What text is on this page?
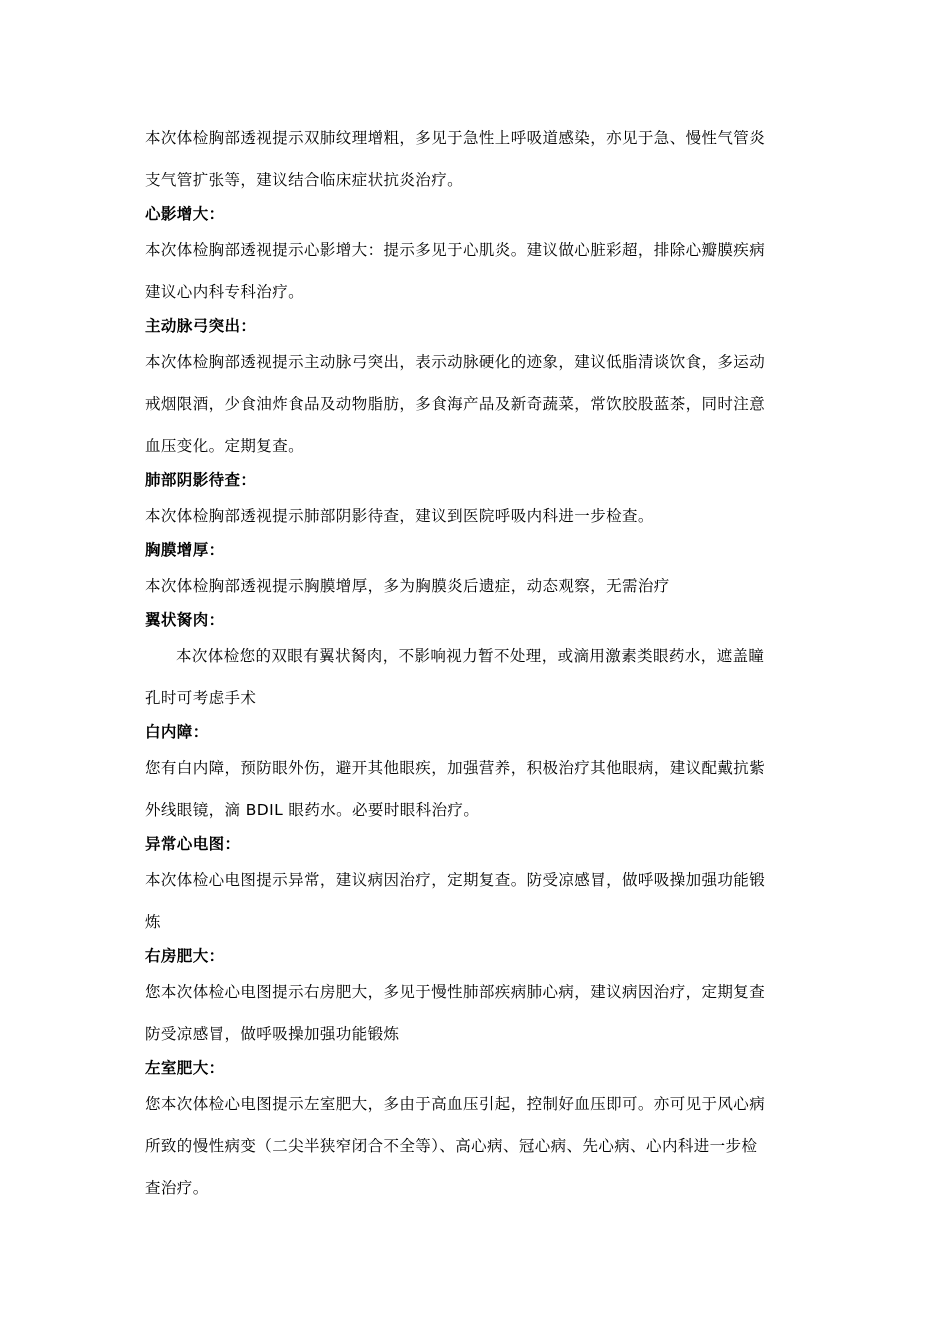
本次体检胸部透视提示双肺纹理增粗，多见于急性上呼吸道感染，亦见于急、慢性气管炎
支气管扩张等，建议结合临床症状抗炎治疗。
心影增大：
本次体检胸部透视提示心影增大：提示多见于心肌炎。建议做心脏彩超，排除心瓣膜疾病
建议心内科专科治疗。
主动脉弓突出：
本次体检胸部透视提示主动脉弓突出，表示动脉硬化的迹象，建议低脂清谈饮食，多运动
戒烟限酒，少食油炸食品及动物脂肪，多食海产品及新奇蔬菜，常饮胶股蓝茶，同时注意
血压变化。定期复查。
肺部阴影待查：
本次体检胸部透视提示肺部阴影待查，建议到医院呼吸内科进一步检查。
胸膜增厚：
本次体检胸部透视提示胸膜增厚，多为胸膜炎后遗症，动态观察，无需治疗
翼状胬肉：
本次体检您的双眼有翼状胬肉，不影响视力暂不处理，或滴用激素类眼药水，遮盖瞳
孔时可考虑手术
白内障：
您有白内障，预防眼外伤，避开其他眼疾，加强营养，积极治疗其他眼病，建议配戴抗紫
外线眼镜，滴 BDIL 眼药水。必要时眼科治疗。
异常心电图：
本次体检心电图提示异常，建议病因治疗，定期复查。防受凉感冒，做呼吸操加强功能锻
炼
右房肥大：
您本次体检心电图提示右房肥大，多见于慢性肺部疾病肺心病，建议病因治疗，定期复查
防受凉感冒，做呼吸操加强功能锻炼
左室肥大：
您本次体检心电图提示左室肥大，多由于高血压引起，控制好血压即可。亦可见于风心病
所致的慢性病变（二尖半狭窄闭合不全等）、高心病、冠心病、先心病、心内科进一步检
查治疗。
